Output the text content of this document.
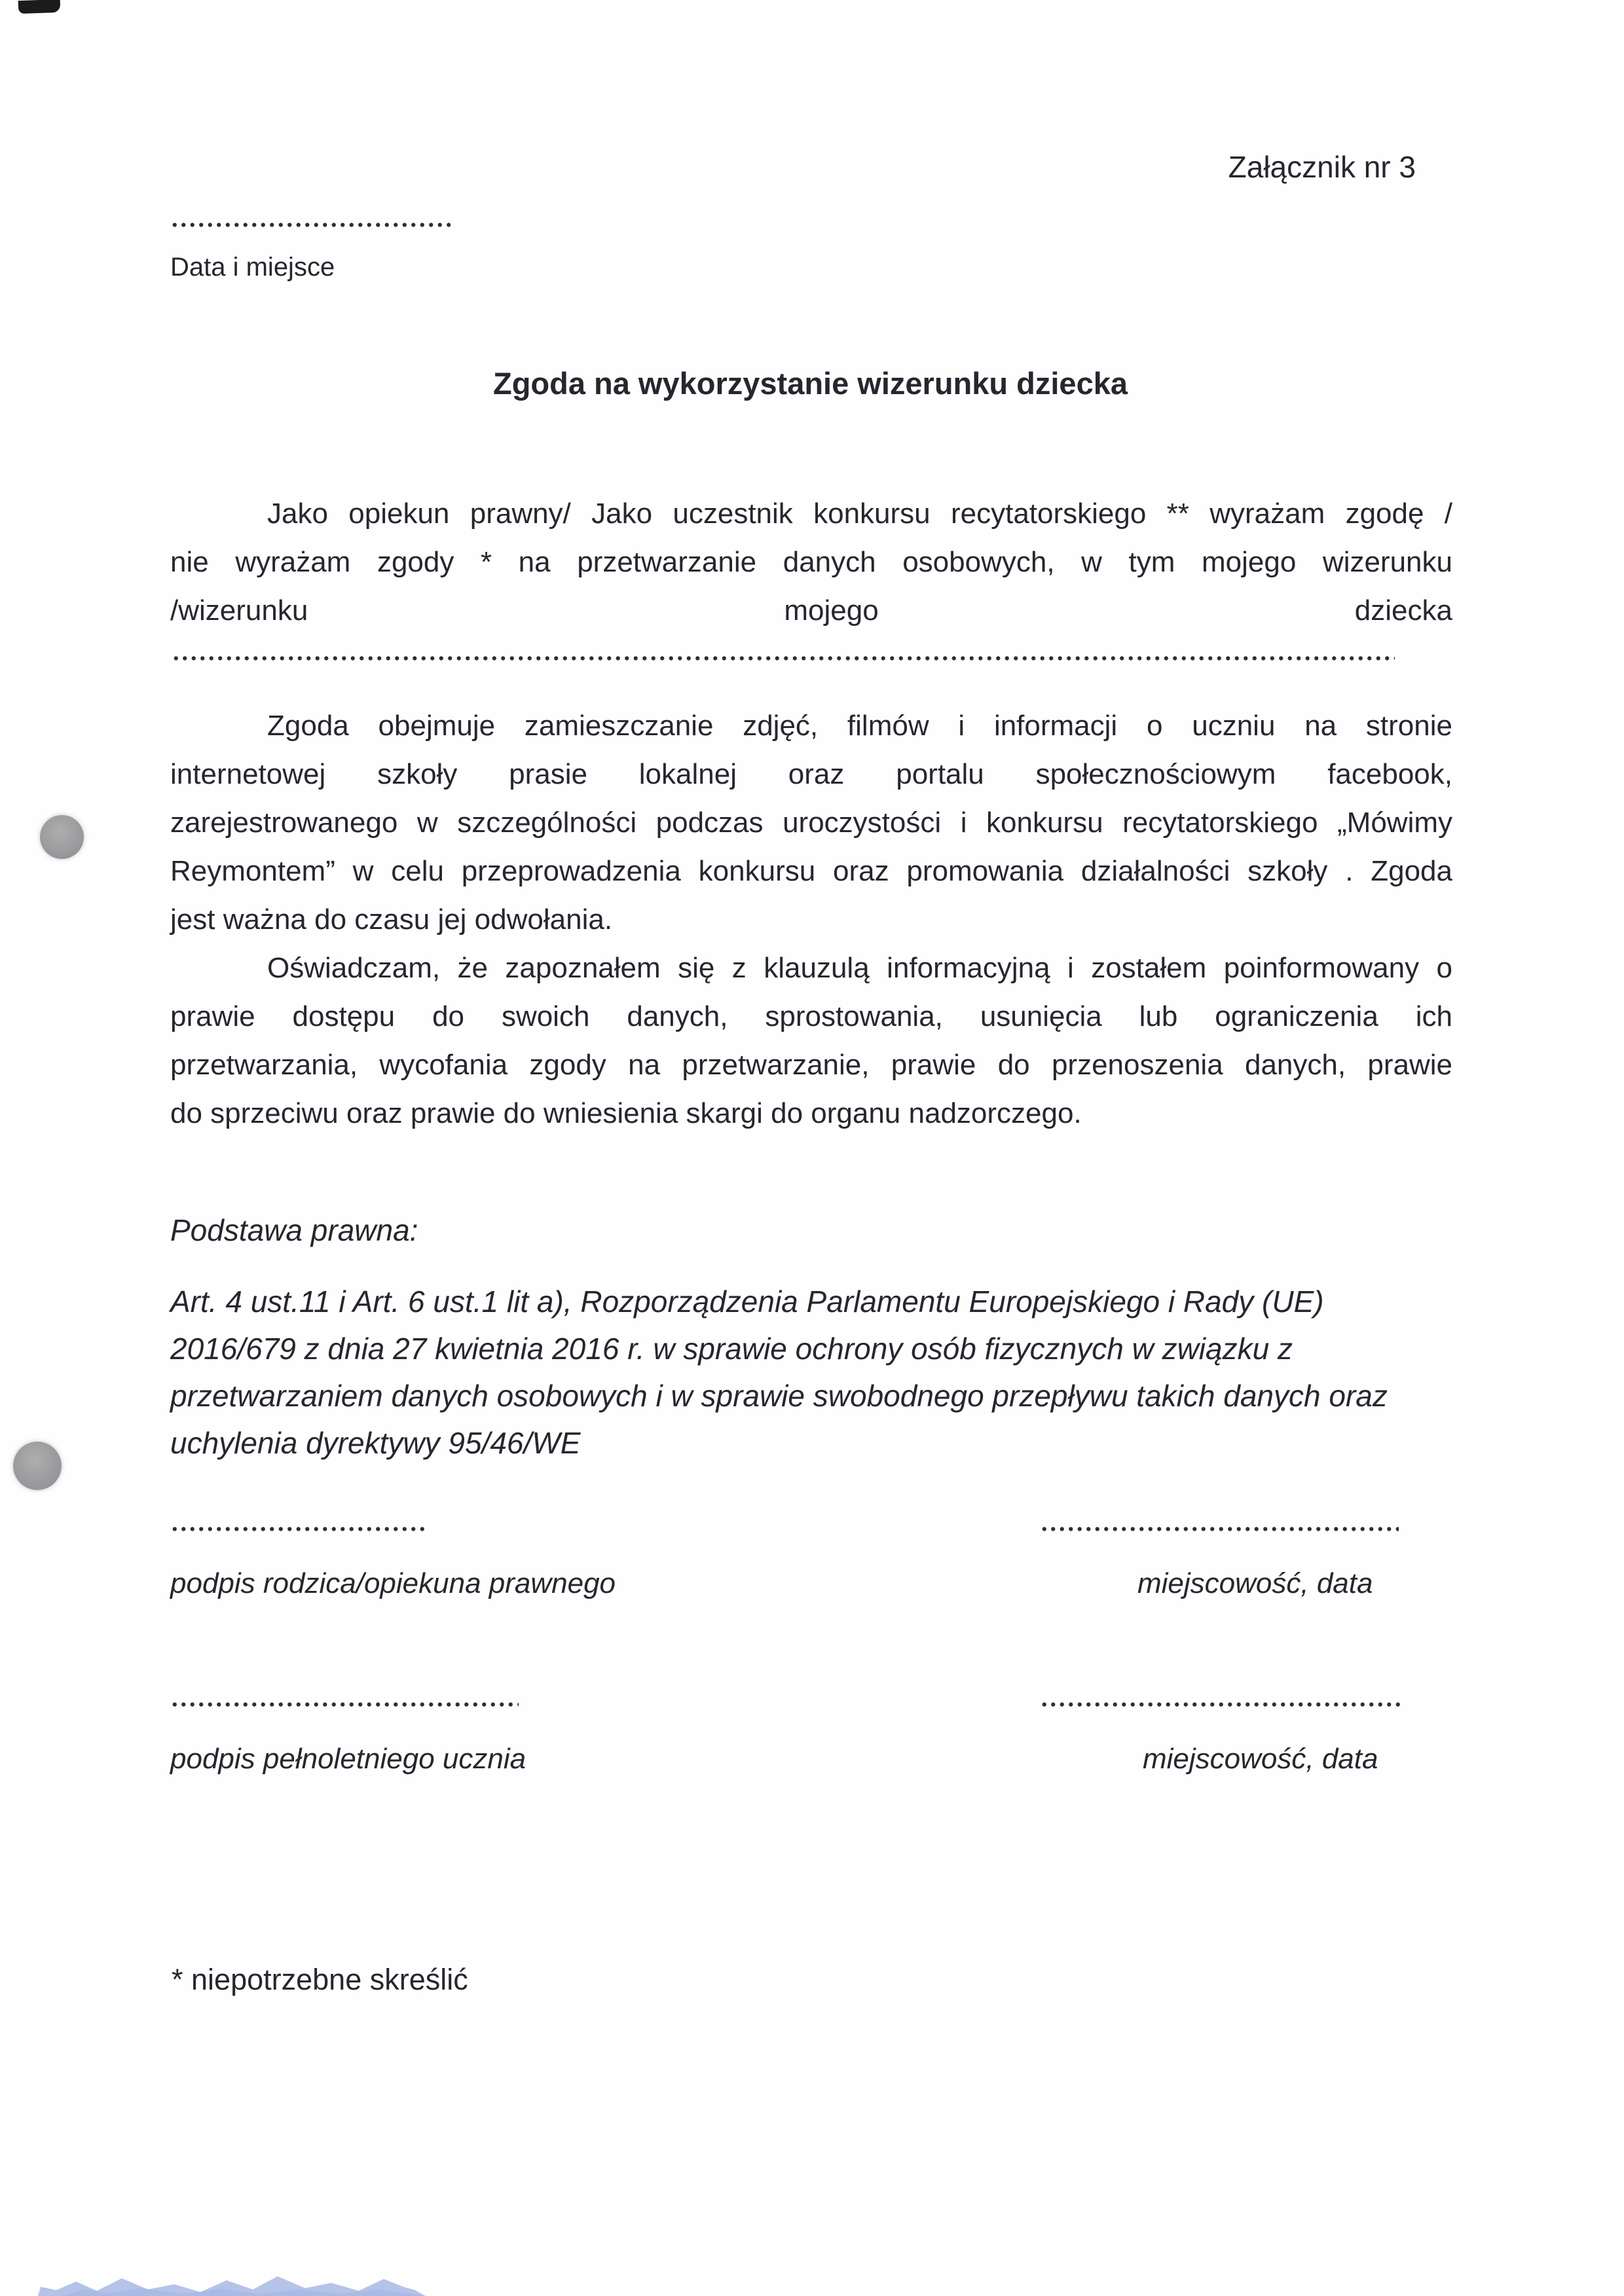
Załącznik nr 3
Data i miejsce
Zgoda na wykorzystanie wizerunku dziecka
Jako opiekun prawny/ Jako uczestnik konkursu recytatorskiego ** wyrażam zgodę /
nie wyrażam zgody * na przetwarzanie danych osobowych, w tym mojego wizerunku
/wizerunku mojego dziecka
Zgoda obejmuje zamieszczanie zdjęć, filmów i informacji o uczniu na stronie
internetowej szkoły prasie lokalnej oraz portalu społecznościowym facebook,
zarejestrowanego w szczególności podczas uroczystości i konkursu recytatorskiego „Mówimy
Reymontem” w celu przeprowadzenia konkursu oraz promowania działalności szkoły . Zgoda
jest ważna do czasu jej odwołania.
Oświadczam, że zapoznałem się z klauzulą informacyjną i zostałem poinformowany o
prawie dostępu do swoich danych, sprostowania, usunięcia lub ograniczenia ich
przetwarzania, wycofania zgody na przetwarzanie, prawie do przenoszenia danych, prawie
do sprzeciwu oraz prawie do wniesienia skargi do organu nadzorczego.
Podstawa prawna:
Art. 4 ust.11 i Art. 6 ust.1 lit a), Rozporządzenia Parlamentu Europejskiego i Rady (UE)
2016/679 z dnia 27 kwietnia 2016 r. w sprawie ochrony osób fizycznych w związku z
przetwarzaniem danych osobowych i w sprawie swobodnego przepływu takich danych oraz
uchylenia dyrektywy 95/46/WE
podpis rodzica/opiekuna prawnego	miejscowość, data
podpis pełnoletniego ucznia	miejscowość, data
* niepotrzebne skreślić
